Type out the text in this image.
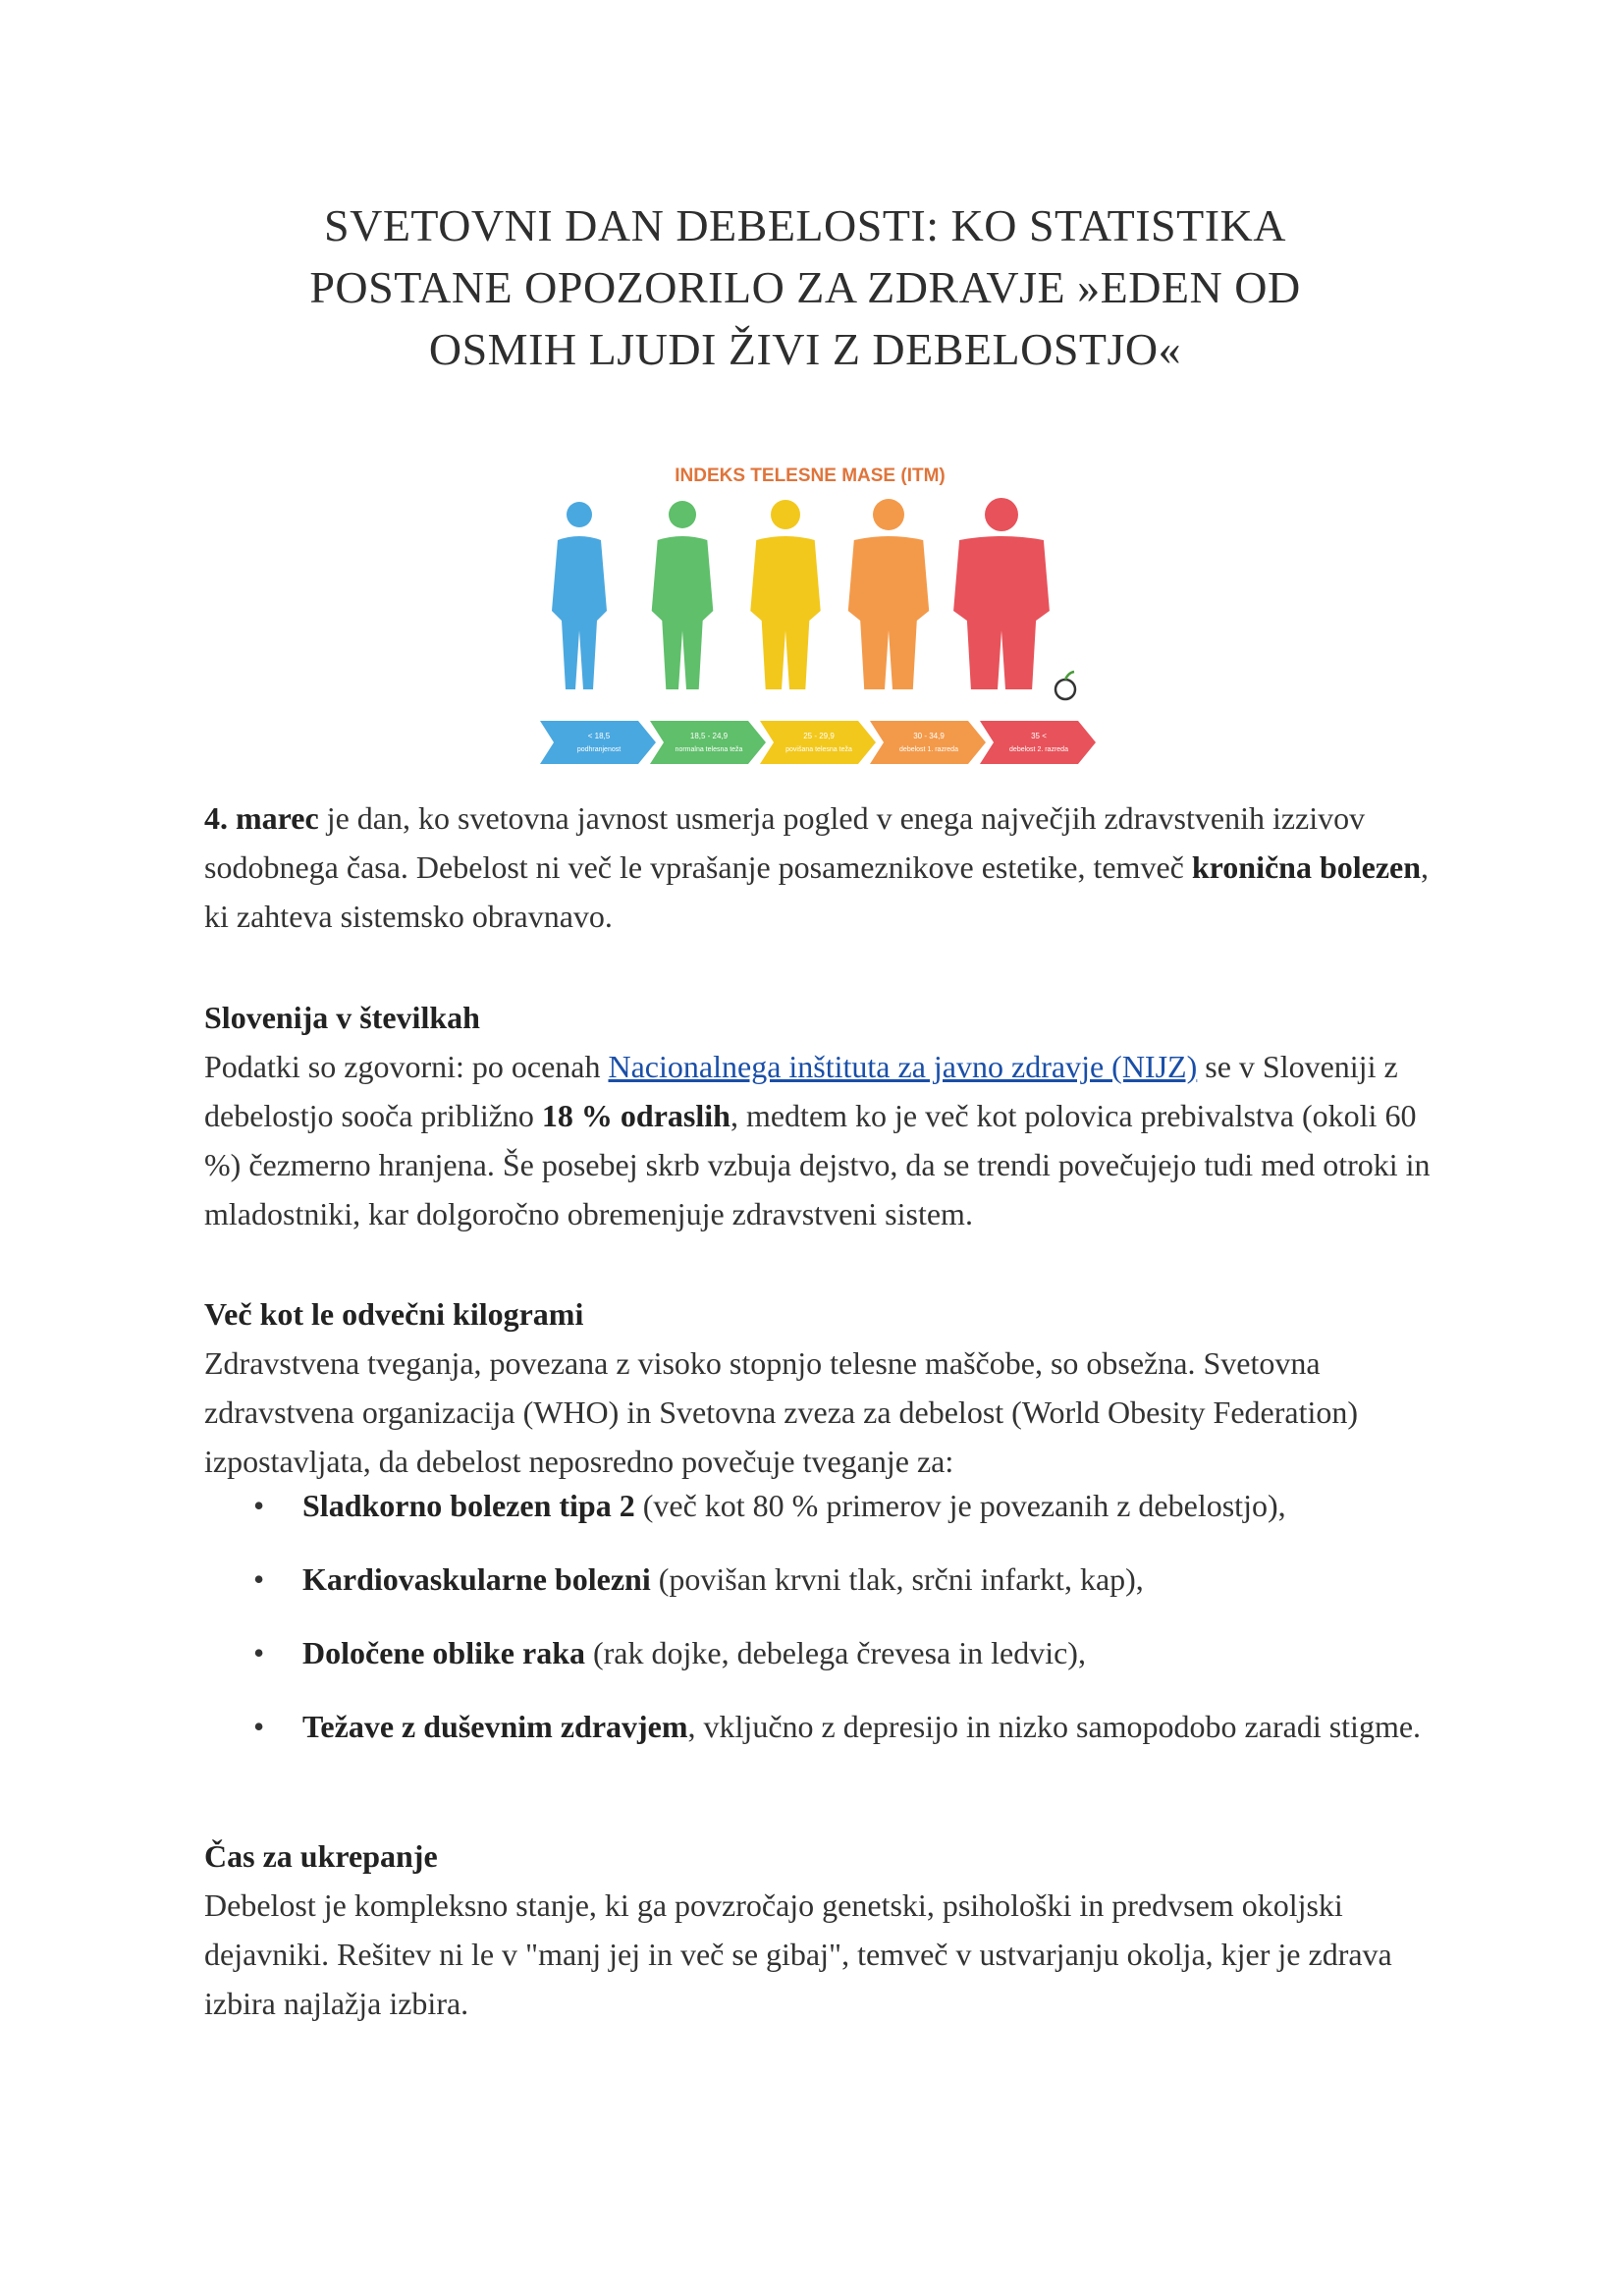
SVETOVNI DAN DEBELOSTI: KO STATISTIKA
POSTANE OPOZORILO ZA ZDRAVJE »EDEN OD
OSMIH LJUDI ŽIVI Z DEBELOSTJO«
INDEKS TELESNE MASE (ITM)
< 18,5
podhranjenost
18,5 - 24,9
normalna telesna teža
25 - 29,9
povišana telesna teža
30 - 34,9
debelost 1. razreda
35 <
debelost 2. razreda

4. marec je dan, ko svetovna javnost usmerja pogled v enega največjih zdravstvenih izzivov sodobnega časa. Debelost ni več le vprašanje posameznikove estetike, temveč kronična bolezen, ki zahteva sistemsko obravnavo.

Slovenija v številkah

Podatki so zgovorni: po ocenah Nacionalnega inštituta za javno zdravje (NIJZ) se v Sloveniji z debelostjo sooča približno 18 % odraslih, medtem ko je več kot polovica prebivalstva (okoli 60 %) čezmerno hranjena. Še posebej skrb vzbuja dejstvo, da se trendi povečujejo tudi med otroki in mladostniki, kar dolgoročno obremenjuje zdravstveni sistem.

Več kot le odvečni kilogrami

Zdravstvena tveganja, povezana z visoko stopnjo telesne maščobe, so obsežna. Svetovna zdravstvena organizacija (WHO) in Svetovna zveza za debelost (World Obesity Federation) izpostavljata, da debelost neposredno povečuje tveganje za:

• Sladkorno bolezen tipa 2 (več kot 80 % primerov je povezanih z debelostjo),
• Kardiovaskularne bolezni (povišan krvni tlak, srčni infarkt, kap),
• Določene oblike raka (rak dojke, debelega črevesa in ledvic),
• Težave z duševnim zdravjem, vključno z depresijo in nizko samopodobo zaradi stigme.

Čas za ukrepanje

Debelost je kompleksno stanje, ki ga povzročajo genetski, psihološki in predvsem okoljski dejavniki. Rešitev ni le v "manj jej in več se gibaj", temveč v ustvarjanju okolja, kjer je zdrava izbira najlažja izbira.
